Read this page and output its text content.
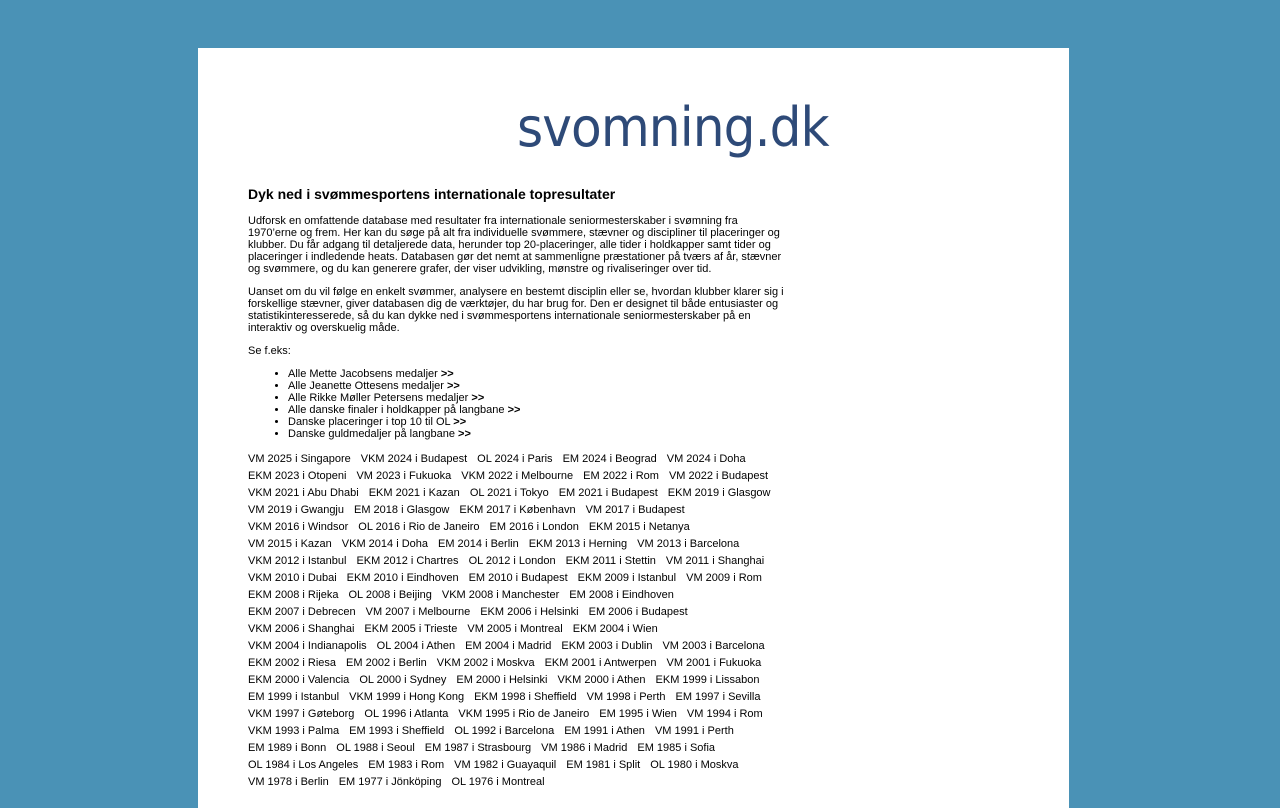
svomning.dk
Dyk ned i svømmesportens internationale topresultater

Udforsk en omfattende database med resultater fra internationale seniormesterskaber i svømning fra 1970’erne og frem. Her kan du søge på alt fra individuelle svømmere, stævner og discipliner til placeringer og klubber. Du får adgang til detaljerede data, herunder top 20-placeringer, alle tider i holdkapper samt tider og placeringer i indledende heats. Databasen gør det nemt at sammenligne præstationer på tværs af år, stævner og svømmere, og du kan generere grafer, der viser udvikling, mønstre og rivaliseringer over tid.

Uanset om du vil følge en enkelt svømmer, analysere en bestemt disciplin eller se, hvordan klubber klarer sig i forskellige stævner, giver databasen dig de værktøjer, du har brug for. Den er designet til både entusiaster og statistikinteresserede, så du kan dykke ned i svømmesportens internationale seniormesterskaber på en interaktiv og overskuelig måde.

Se f.eks:

• Alle Mette Jacobsens medaljer >>
• Alle Jeanette Ottesens medaljer >>
• Alle Rikke Møller Petersens medaljer >>
• Alle danske finaler i holdkapper på langbane >>
• Danske placeringer i top 10 til OL >>
• Danske guldmedaljer på langbane >>
VM 2025 i Singapore VKM 2024 i Budapest OL 2024 i Paris EM 2024 i Beograd VM 2024 i Doha
EKM 2023 i Otopeni VM 2023 i Fukuoka VKM 2022 i Melbourne EM 2022 i Rom VM 2022 i Budapest
VKM 2021 i Abu Dhabi EKM 2021 i Kazan OL 2021 i Tokyo EM 2021 i Budapest EKM 2019 i Glasgow
VM 2019 i Gwangju EM 2018 i Glasgow EKM 2017 i København VM 2017 i Budapest
VKM 2016 i Windsor OL 2016 i Rio de Janeiro EM 2016 i London EKM 2015 i Netanya
VM 2015 i Kazan VKM 2014 i Doha EM 2014 i Berlin EKM 2013 i Herning VM 2013 i Barcelona
VKM 2012 i Istanbul EKM 2012 i Chartres OL 2012 i London EKM 2011 i Stettin VM 2011 i Shanghai
VKM 2010 i Dubai EKM 2010 i Eindhoven EM 2010 i Budapest EKM 2009 i Istanbul VM 2009 i Rom
EKM 2008 i Rijeka OL 2008 i Beijing VKM 2008 i Manchester EM 2008 i Eindhoven
EKM 2007 i Debrecen VM 2007 i Melbourne EKM 2006 i Helsinki EM 2006 i Budapest
VKM 2006 i Shanghai EKM 2005 i Trieste VM 2005 i Montreal EKM 2004 i Wien
VKM 2004 i Indianapolis OL 2004 i Athen EM 2004 i Madrid EKM 2003 i Dublin VM 2003 i Barcelona
EKM 2002 i Riesa EM 2002 i Berlin VKM 2002 i Moskva EKM 2001 i Antwerpen VM 2001 i Fukuoka
EKM 2000 i Valencia OL 2000 i Sydney EM 2000 i Helsinki VKM 2000 i Athen EKM 1999 i Lissabon
EM 1999 i Istanbul VKM 1999 i Hong Kong EKM 1998 i Sheffield VM 1998 i Perth EM 1997 i Sevilla
VKM 1997 i Gøteborg OL 1996 i Atlanta VKM 1995 i Rio de Janeiro EM 1995 i Wien VM 1994 i Rom
VKM 1993 i Palma EM 1993 i Sheffield OL 1992 i Barcelona EM 1991 i Athen VM 1991 i Perth
EM 1989 i Bonn OL 1988 i Seoul EM 1987 i Strasbourg VM 1986 i Madrid EM 1985 i Sofia
OL 1984 i Los Angeles EM 1983 i Rom VM 1982 i Guayaquil EM 1981 i Split OL 1980 i Moskva
VM 1978 i Berlin EM 1977 i Jönköping OL 1976 i Montreal
